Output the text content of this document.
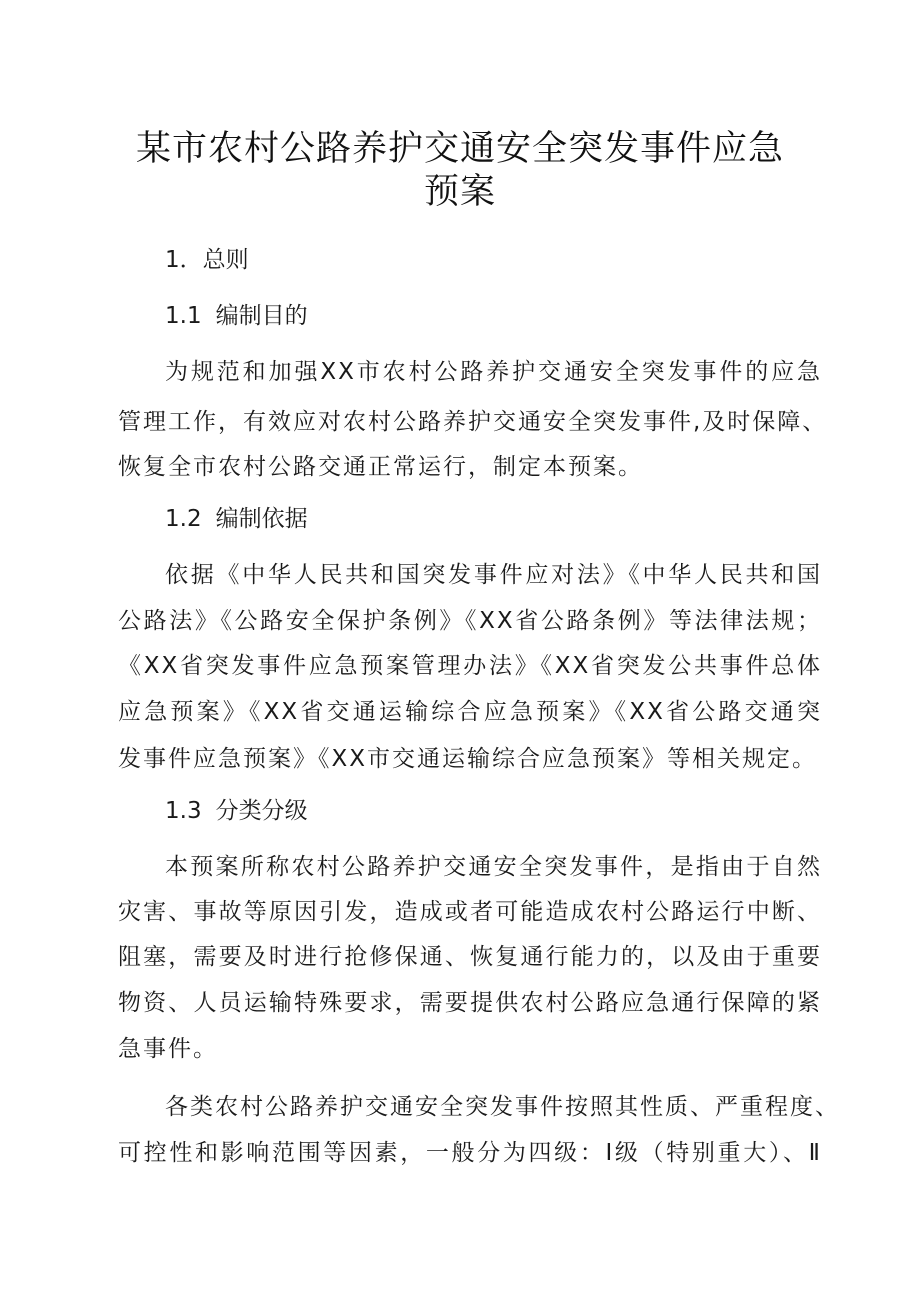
某市农村公路养护交通安全突发事件应急
预案
1．总则
1.1 编制目的
为规范和加强XX市农村公路养护交通安全突发事件的应急
管理工作，有效应对农村公路养护交通安全突发事件,及时保障、
恢复全市农村公路交通正常运行，制定本预案。
1.2 编制依据
依据《中华人民共和国突发事件应对法》《中华人民共和国
公路法》《公路安全保护条例》《XX省公路条例》等法律法规；
《XX省突发事件应急预案管理办法》《XX省突发公共事件总体
应急预案》《XX省交通运输综合应急预案》《XX省公路交通突
发事件应急预案》《XX市交通运输综合应急预案》等相关规定。
1.3 分类分级
本预案所称农村公路养护交通安全突发事件，是指由于自然
灾害、事故等原因引发，造成或者可能造成农村公路运行中断、
阻塞，需要及时进行抢修保通、恢复通行能力的，以及由于重要
物资、人员运输特殊要求，需要提供农村公路应急通行保障的紧
急事件。
各类农村公路养护交通安全突发事件按照其性质、严重程度、
可控性和影响范围等因素，一般分为四级：Ⅰ级（特别重大）、Ⅱ
